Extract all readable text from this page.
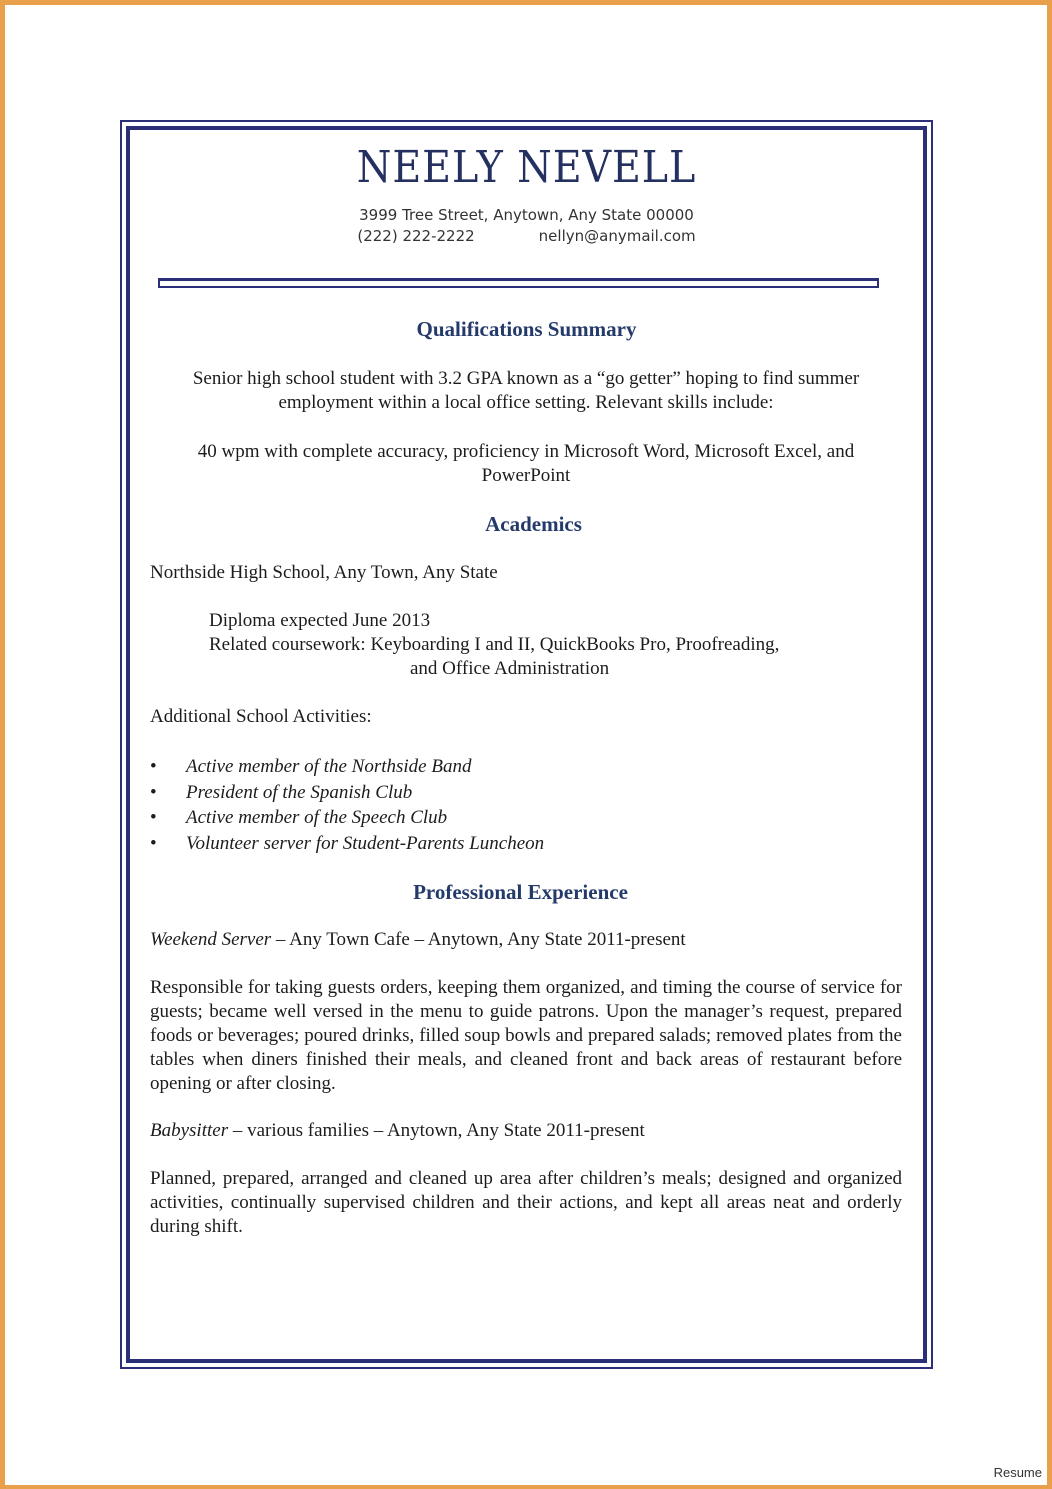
NEELY NEVELL
3999 Tree Street, Anytown, Any State 00000
(222) 222-2222	nellyn@anymail.com
Qualifications Summary
Senior high school student with 3.2 GPA known as a “go getter” hoping to find summer
employment within a local office setting. Relevant skills include:
40 wpm with complete accuracy, proficiency in Microsoft Word, Microsoft Excel, and
PowerPoint
Academics
Northside High School, Any Town, Any State
Diploma expected June 2013
Related coursework: Keyboarding I and II, QuickBooks Pro, Proofreading,
and Office Administration
Additional School Activities:
•	Active member of the Northside Band
•	President of the Spanish Club
•	Active member of the Speech Club
•	Volunteer server for Student-Parents Luncheon
Professional Experience
Weekend Server – Any Town Cafe – Anytown, Any State 2011-present
Responsible for taking guests orders, keeping them organized, and timing the course of service for guests; became well versed in the menu to guide patrons. Upon the manager’s request, prepared foods or beverages; poured drinks, filled soup bowls and prepared salads; removed plates from the tables when diners finished their meals, and cleaned front and back areas of restaurant before opening or after closing.
Babysitter – various families – Anytown, Any State 2011-present
Planned, prepared, arranged and cleaned up area after children’s meals; designed and organized activities, continually supervised children and their actions, and kept all areas neat and orderly during shift.
Resume
